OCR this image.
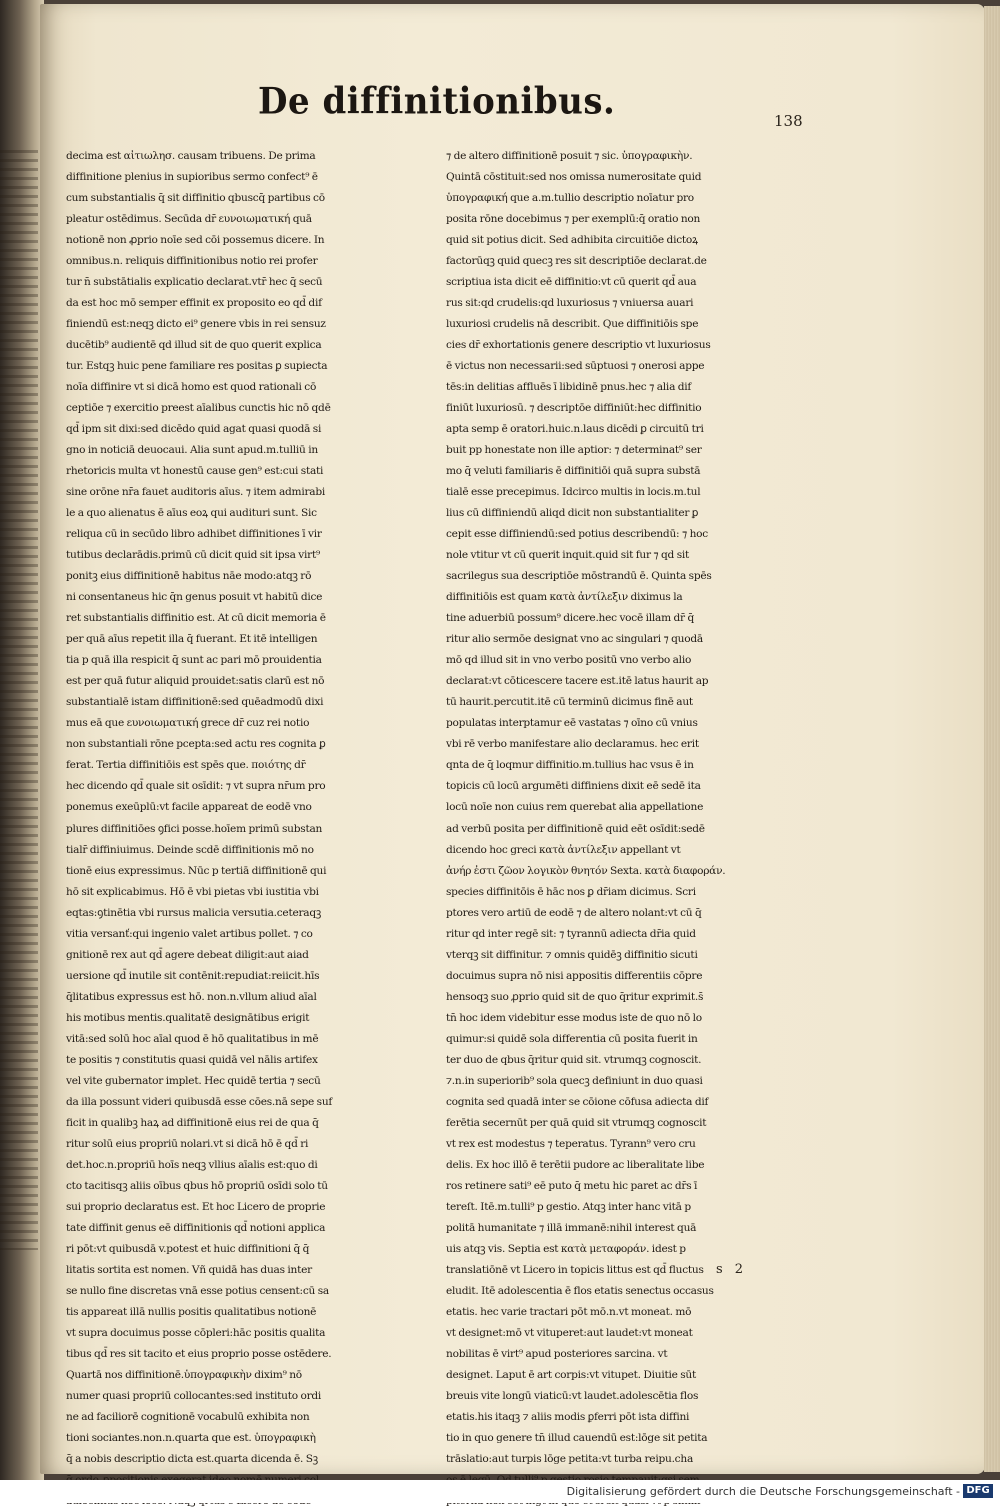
De diffinitionibus.	138
decima est αἰτιωλησ. causam tribuens. De prima
diffinitione plenius in supioribus sermo confect⁹ ē
cum substantialis q̄ sit diffinitio qbuscq̄ partibus cō
pleatur ostēdimus. Secūda dr̄ ευνοιωματική quā
notionē non ꝓprio noīe sed cōi possemus dicere. In
omnibus.n. reliquis diffinitionibus notio rei profer
tur n̄ substātialis explicatio declarat.vtr̄ hec q̄ secū
da est hoc mō semper effinit ex proposito eo qd̄ dif
finiendū est:neqꝫ dicto ei⁹ genere vbis in rei sensuz
ducētib⁹ audientē qd illud sit de quo querit explica
tur. Estqꝫ huic pene familiare res positas ꝑ supiecta
noīa diffinire vt si dicā homo est quod rationali cō
ceptiōe ⁊ exercitio preest aīalibus cunctis hic nō qdē
qd̄ ipm sit dixi:sed dicēdo quid agat quasi quodā si
gno in noticiā deuocaui. Alia sunt apud.m.tulliū in
rhetoricis multa vt honestū cause gen⁹ est:cui stati
sine orōne nr̄a fauet auditoris aīus. ⁊ item admirabi
le a quo alienatus ē aīus eoꝝ qui audituri sunt. Sic
reliqua cū in secūdo libro adhibet diffinitiones ī vir
tutibus declarādis.primū cū dicit quid sit ipsa virt⁹
ponitꝫ eius diffinitionē habitus nāe modo:atqꝫ rō
ni consentaneus hic q̄n genus posuit vt habitū dice
ret substantialis diffinitio est. At cū dicit memoria ē
per quā aīus repetit illa q̄ fuerant. Et itē intelligen
tia p quā illa respicit q̄ sunt ac pari mō prouidentia
est per quā futur aliquid prouidet:satis clarū est nō
substantialē istam diffinitionē:sed quēadmodū dixi
mus eā que ευνοιωματική grece dr̄ cuz rei notio
non substantiali rōne pcepta:sed actu res cognita ꝑ
ferat. Tertia diffinitiōis est spēs que. ποιότης dr̄
hec dicendo qd̄ quale sit osīdit: ⁊ vt supra nr̄um pro
ponemus exeūplū:vt facile appareat de eodē vno
plures diffinitiōes ꝯfici posse.hoīem primū substan
tialr̄ diffiniuimus. Deinde scdē diffinitionis mō no
tionē eius expressimus. Nūc p tertiā diffinitionē qui
hō sit explicabimus. Hō ē vbi pietas vbi iustitia vbi
eqtas:ꝯtinētia vbi rursus malicia versutia.ceteraqꝫ
vitia versanť:qui ingenio valet artibus pollet. ⁊ co
gnitionē rex aut qd̄ agere debeat diligit:aut aiad
uersione qd̄ inutile sit contēnit:repudiat:reiicit.hīs
q̄litatibus expressus est hō. non.n.vllum aliud aīal
his motibus mentis.qualitatē designātibus erigit
vitā:sed solū hoc aīal quod ē hō qualitatibus in mē
te positis ⁊ constitutis quasi quidā vel nālis artifex
vel vite gubernator implet. Hec quidē tertia ⁊ secū
da illa possunt videri quibusdā esse cōes.nā sepe suf
ficit in qualibꝫ haꝝ ad diffinitionē eius rei de qua q̄
ritur solū eius propriū nolari.vt si dicā hō ē qd̄ ri
det.hoc.n.propriū hoīs neqꝫ vllius aīalis est:quo di
cto tacitisqꝫ aliis oībus qbus hō propriū osīdi solo tū
sui proprio declaratus est. Et hoc Licero de proprie
tate diffinit genus eē diffinitionis qd̄ notioni applica
ri pōt:vt quibusdā v.potest et huic diffinitioni q̄ q̄
litatis sortita est nomen. Vñ quidā has duas inter
se nullo fine discretas vnā esse potius censent:cū sa
tis appareat illā nullis positis qualitatibus notionē
vt supra docuimus posse cōpleri:hāc positis qualita
tibus qd̄ res sit tacito et eius proprio posse ostēdere.
Quartā nos diffinitionē.ὑπογραφικὴν dixim⁹ nō
numer quasi propriū collocantes:sed instituto ordi
ne ad faciliorē cognitionē vocabulū exhibita non
tioni sociantes.non.n.quarta que est. ὑπογραφικὴ
q̄ a nobis descriptio dicta est.quarta dicenda ē. Sꝫ
⁊ de altero diffinitionē posuit ⁊ sic. ὑπογραφικὴν.
Quintā cōstituit:sed nos omissa numerositate quid
ὑπογραφική que a.m.tullio descriptio noīatur pro
posita rōne docebimus ⁊ per exemplū:q̄ oratio non
quid sit potius dicit. Sed adhibita circuitiōe dictoꝝ
factorūqꝫ quid quecꝫ res sit descriptiōe declarat.de
scriptiua ista dicit eē diffinitio:vt cū querit qd̄ aua
rus sit:qd crudelis:qd luxuriosus ⁊ vniuersa auari
luxuriosi crudelis nā describit. Que diffinitiōis spe
cies dr̄ exhortationis genere descriptio vt luxuriosus
ē victus non necessarii:sed sūptuosi ⁊ onerosi appe
tēs:in delitias affluēs ī libidinē pnus.hec ⁊ alia dif
finiūt luxuriosū. ⁊ descriptōe diffiniūt:hec diffinitio
apta semp ē oratori.huic.n.laus dicēdi ꝑ circuitū tri
buit pp honestate non ille aptior: ⁊ determinat⁹ ser
mo q̄ veluti familiaris ē diffinitiōi quā supra substā
tialē esse precepimus. Idcirco multis in locis.m.tul
lius cū diffiniendū aliqd dicit non substantialiter ꝑ
cepit esse diffiniendū:sed potius describendū: ⁊ hoc
nole vtitur vt cū querit inquit.quid sit fur ⁊ qd sit
sacrilegus sua descriptiōe mōstrandū ē. Quinta spēs
diffinitiōis est quam κατὰ ἀντίλεξιν diximus la
tine aduerbiū possum⁹ dicere.hec vocē illam dr̄ q̄
ritur alio sermōe designat vno ac singulari ⁊ quodā
mō qd illud sit in vno verbo positū vno verbo alio
declarat:vt cōticescere tacere est.itē latus haurit ap
tū haurit.percutit.itē cū terminū dicimus finē aut
populatas interptamur eē vastatas ⁊ oīno cū vnius
vbi rē verbo manifestare alio declaramus. hec erit
qnta de q̄ loqmur diffinitio.m.tullius hac vsus ē in
topicis cū locū argumēti diffiniens dixit eē sedē ita
locū noīe non cuius rem querebat alia appellatione
ad verbū posita per diffinitionē quid eēt osīdit:sedē
dicendo hoc greci κατὰ ἀντίλεξιν appellant vt
ἀνήρ ἐστι ζῶον λογικὸν θνητόν Sexta. κατὰ διαφοράν.
species diffinitōis ē hāc nos ꝑ dr̄iam dicimus. Scri
ptores vero artiū de eodē ⁊ de altero nolant:vt cū q̄
ritur qd inter regē sit: ⁊ tyrannū adiecta dr̄ia quid
vterqꝫ sit diffinitur. ⁊ omnis quidēꝫ diffinitio sicuti
docuimus supra nō nisi appositis differentiis cōpre
hensoqꝫ suo ꝓprio quid sit de quo q̄ritur exprimit.s̄
tn̄ hoc idem videbitur esse modus iste de quo nō lo
quimur:si quidē sola differentia cū posita fuerit in
ter duo de qbus q̄ritur quid sit. vtrumqꝫ cognoscit.
⁊.n.in superiorib⁹ sola quecꝫ definiunt in duo quasi
cognita sed quadā inter se cōione cōfusa adiecta dif
ferētia secernūt per quā quid sit vtrumqꝫ cognoscit
vt rex est modestus ⁊ teperatus. Tyrann⁹ vero cru
delis. Ex hoc illō ē terētii pudore ac liberalitate libe
ros retinere sati⁹ eē puto q̄ metu hic paret ac dr̄s ī
tereſt. Itē.m.tulli⁹ p gestio. Atqꝫ inter hanc vitā p
politā humanitate ⁊ illā immanē:nihil interest quā
uis atqꝫ vis. Septia est κατὰ μεταφοράν. idest p
translatiōnē vt Licero in topicis littus est qd̄ fluctus
eludit. Itē adolescentia ē flos etatis senectus occasus
etatis. hec varie tractari pōt mō.n.vt moneat. mō
vt designet:mō vt vituperet:aut laudet:vt moneat
nobilitas ē virt⁹ apud posteriores sarcina. vt
designet. Laput ē art corpis:vt vitupet. Diuitie sūt
breuis vite longū viaticū:vt laudet.adolescētia flos
etatis.his itaqꝫ ⁊ aliis modis ꝑferri pōt ista diffini
tio in quo genere tn̄ illud cauendū est:lōge sit petita
trāslatio:aut turpis lōge petita:vt turba reipu.cha
s 2
Digitalisierung gefördert durch die Deutsche Forschungsgemeinschaft - DFG
